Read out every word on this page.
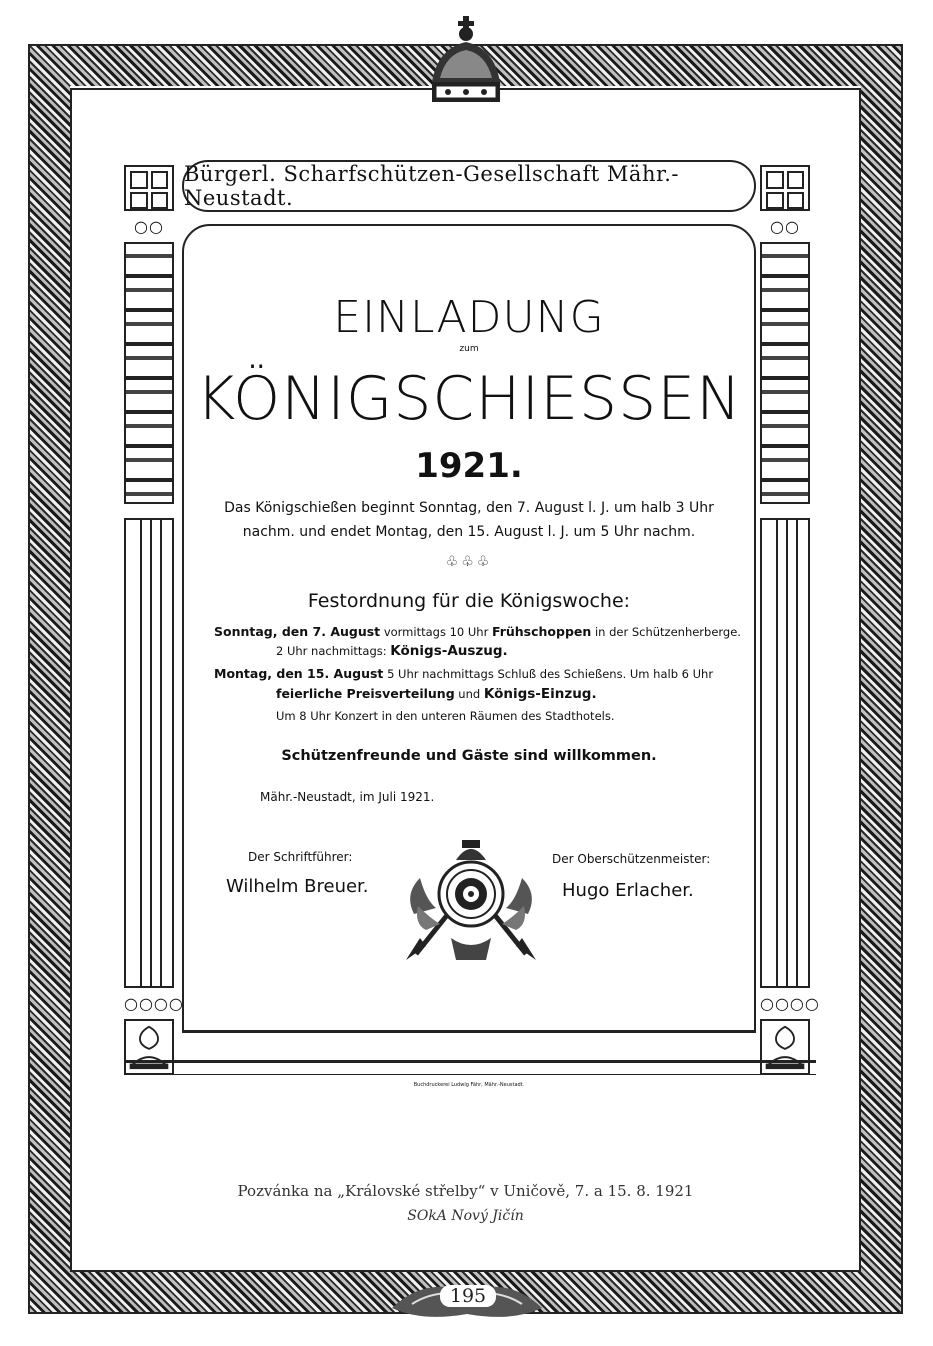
○○
○○○○
○○
○○○○
Bürgerl. Scharfschützen-Gesellschaft Mähr.-Neustadt.
EINLADUNG
zum
KÖNIGSCHIESSEN
1921.
Das Königschießen beginnt Sonntag, den 7. August l. J. um halb 3 Uhr
nachm. und endet Montag, den 15. August l. J. um 5 Uhr nachm.
♧♧♧
Festordnung für die Königswoche:
Sonntag, den 7. August vormittags 10 Uhr Frühschoppen in der Schützenherberge.
2 Uhr nachmittags: Königs-Auszug.
Montag, den 15. August 5 Uhr nachmittags Schluß des Schießens. Um halb 6 Uhr
feierliche Preisverteilung und Königs-Einzug.
Um 8 Uhr Konzert in den unteren Räumen des Stadthotels.
Schützenfreunde und Gäste sind willkommen.
Mähr.-Neustadt, im Juli 1921.
Der Schriftführer:
Wilhelm Breuer.
Der Oberschützenmeister:
Hugo Erlacher.
Buchdruckerei Ludwig Fähr, Mähr.-Neustadt.
Pozvánka na „Královské střelby“ v Uničově, 7. a 15. 8. 1921
SOkA Nový Jičín
195
